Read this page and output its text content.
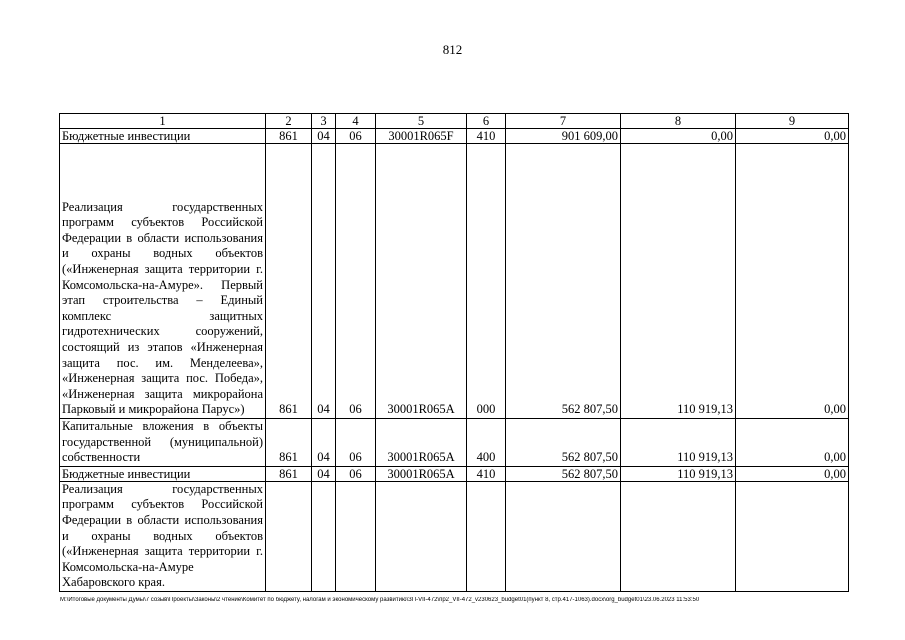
812
1	2	3	4	5	6	7	8	9
Бюджетные инвестиции	861	04	06	30001R065F	410	901 609,00	0,00	0,00
Реализация государственных программ субъектов Российской Федерации в области использования и охраны водных объектов («Инженерная защита территории г. Комсомольска-на-Амуре». Первый этап строительства – Единый комплекс защитных гидротехнических сооружений, состоящий из этапов «Инженерная защита пос. им. Менделеева», «Инженерная защита пос. Победа», «Инженерная защита микрорайона Парковый и микрорайона Парус»)	861	04	06	30001R065A	000	562 807,50	110 919,13	0,00
Капитальные вложения в объекты государственной (муниципальной) собственности	861	04	06	30001R065A	400	562 807,50	110 919,13	0,00
Бюджетные инвестиции	861	04	06	30001R065A	410	562 807,50	110 919,13	0,00
Реализация государственных программ субъектов Российской Федерации в области использования и охраны водных объектов («Инженерная защита территории г. Комсомольска-на-Амуре Хабаровского края.								
M:\Итоговые документы Думы\7 созыв\Проекты\Законы\2 чтение\Комитет по бюджету, налогам и экономическому развитию\ЗП-VII-472\пр2_VII-472_v230623_budget01(пункт 8, стр.417-1063).docx\org_budget01\23.06.2023 11:53:50
